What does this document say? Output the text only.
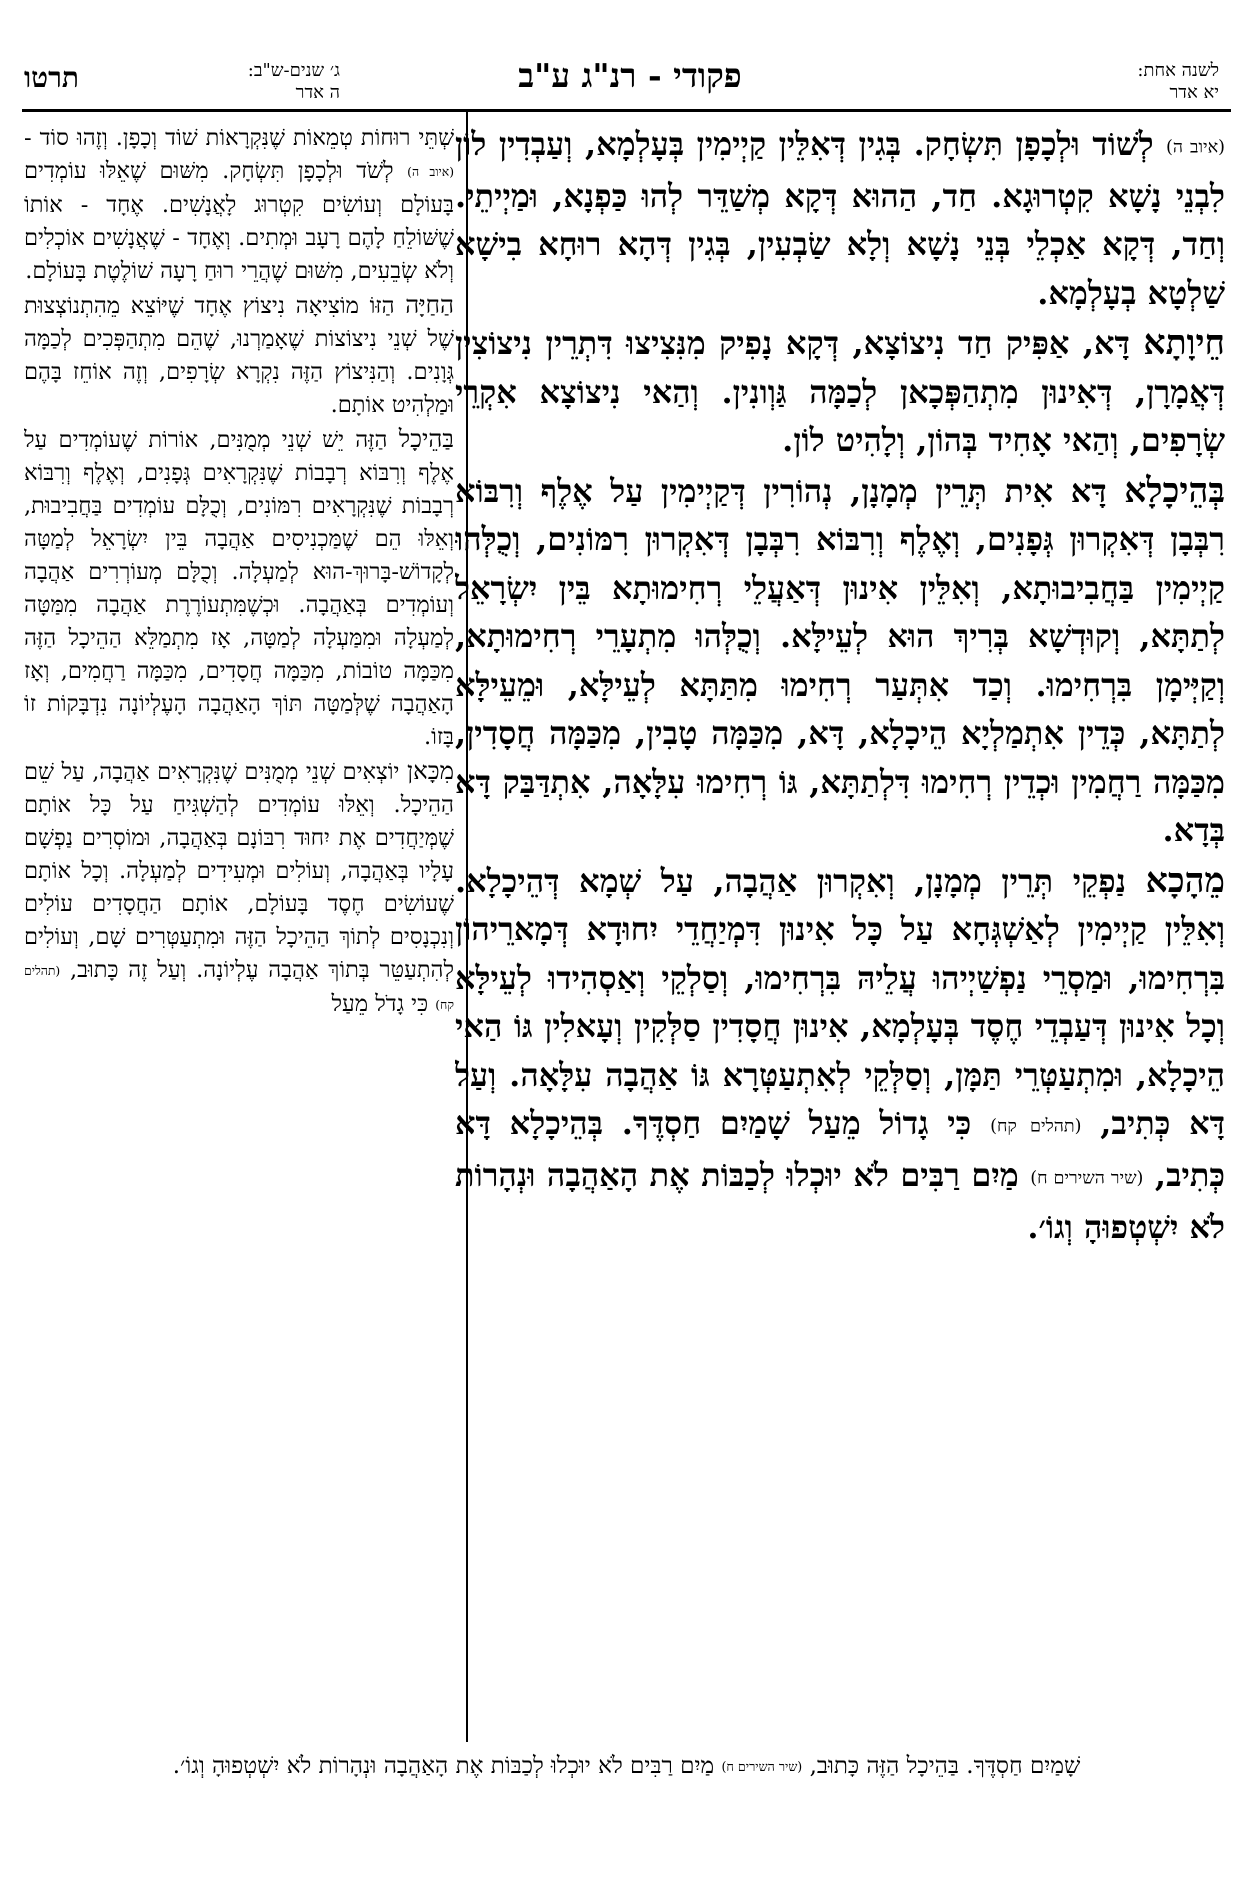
לשנה אחת:
יא אדר
פקודי - רנ"ג ע"ב
ג׳ שנים-ש"ב:
ה אדר
תרטו

(איוב ה) לְשׁוֹד וּלְכָפָן תִּשְׂחָק. בְּגִין דְּאִלֵּין קַיְימִין בְּעָלְמָא, וְעַבְדִין לוֹן לִבְנֵי נָשָׁא קִטְרוּגָא. חַד, הַהוּא דְּקָא מְשַׁדֵּר לְהוּ כַּפְנָא, וּמַיְיתֵי. וְחַד, דְּקָא אַכְלֵי בְּנֵי נָשָׁא וְלָא שַׂבְעִין, בְּגִין דְּהָא רוּחָא בִישָׁא שַׁלְטָא בְעָלְמָא.

חֵיוָתָא דָּא, אַפִּיק חַד נִיצוֹצָא, דְּקָא נָפִיק מִנִּצִיצוּ דִּתְרֵין נִיצוֹצִין דְּאֲמָרָן, דְּאִינוּן מִתְהַפְּכָאן לְכַמָּה גַּוְונִין. וְהַאי נִיצוֹצָא אִקְרֵי שְׂרָפִים, וְהַאי אָחִיד בְּהוֹן, וְלָהִיט לוֹן.

בְּהֵיכָלָא דָּא אִית תְּרֵין מְמָנָן, נְהוֹרִין דְּקַיְימִין עַל אֶלֶף וְרִבּוֹא רִבְּבָן דְּאִקְרוּן גְּפָנִים, וְאֶלֶף וְרִבּוֹא רִבְּבָן דְּאִקְרוּן רִמּוֹנִים, וְכֻלְּהוּ קַיְימִין בַּחֲבִיבוּתָא, וְאִלֵּין אִינוּן דְּאַעֲלֵי רְחִימוּתָא בֵּין יִשְׂרָאֵל לְתַתָּא, וְקוּדְשָׁא בְּרִיךְ הוּא לְעֵילָּא. וְכֻלְּהוּ מִתְעָרֵי רְחִימוּתָא, וְקַיְּימָן בִּרְחִימוּ. וְכַד אִתְּעַר רְחִימוּ מִתַּתָּא לְעֵילָּא, וּמֵעֵילָּא לְתַתָּא, כְּדֵין אִתְמַלְיָא הֵיכָלָא, דָּא, מִכַּמָּה טָבִין, מִכַּמָּה חֲסָדִין, מִכַּמָּה רַחֲמִין וּכְדֵין רְחִימוּ דִּלְתַתָּא, גּוֹ רְחִימוּ עִלָּאָה, אִתְדַּבַּק דָּא בְּדָא.

מֵהָכָא נַפְקֵי תְּרֵין מְמָנָן, וְאִקְרוּן אַהֲבָה, עַל שְׁמָא דְּהֵיכָלָא. וְאִלֵּין קַיְימִין לְאַשְׁגְּחָא עַל כָּל אִינוּן דִּמְיַחֲדֵי יִחוּדָא דְּמָארֵיהוֹן בִּרְחִימוּ, וּמַסְרֵי נַפְשַׁיְיהוּ עֲלֵיהּ בִּרְחִימוּ, וְסַלְקֵי וְאַסְהִידוּ לְעֵילָּא וְכָל אִינוּן דְּעַבְדֵי חֶסֶד בְּעָלְמָא, אִינוּן חֲסָדִין סַלְּקִין וְעָאלִין גּוֹ הַאי הֵיכָלָא, וּמִתְעַטְּרֵי תַּמָּן, וְסַלְּקֵי לְאִתְעַטְּרָא גּוֹ אַהֲבָה עִלָּאָה. וְעַל דָּא כְּתִיב, (תהלים קח) כִּי גָדוֹל מֵעַל שָׁמַיִם חַסְדֶּךָ. בְּהֵיכָלָא דָּא כְּתִיב, (שיר השירים ח) מַיִם רַבִּים לֹא יוּכְלוּ לְכַבּוֹת אֶת הָאַהֲבָה וּנְהָרוֹת לֹא יִשְׁטְפוּהָ וְגוֹ׳.

שְׁתֵּי רוּחוֹת טְמֵאוֹת שֶׁנִּקְרָאוֹת שׁוֹד וְכָפָן. וְזֶהוּ סוֹד - (איוב ה) לְשֹׁד וּלְכָפָן תִּשְׂחָק. מִשּׁוּם שֶׁאֵלּוּ עוֹמְדִים בָּעוֹלָם וְעוֹשִׂים קִטְרוּג לָאֲנָשִׁים. אֶחָד - אוֹתוֹ שֶׁשּׁוֹלֵחַ לָהֶם רָעָב וּמְתִים. וְאֶחָד - שֶׁאֲנָשִׁים אוֹכְלִים וְלֹא שְׂבֵעִים, מִשּׁוּם שֶׁהֲרֵי רוּחַ רָעָה שׁוֹלֶטֶת בָּעוֹלָם.

הַחַיָּה הַזּוֹ מוֹצִיאָה נִיצוֹץ אֶחָד שֶׁיּוֹצֵא מֵהִתְנוֹצְצוּת שֶׁל שְׁנֵי נִיצוֹצוֹת שֶׁאָמַרְנוּ, שֶׁהֵם מִתְהַפְּכִים לְכַמָּה גְּוָנִים. וְהַנִּיצוֹץ הַזֶּה נִקְרָא שְׂרָפִים, וְזֶה אוֹחֵז בָּהֶם וּמַלְהִיט אוֹתָם.

בַּהֵיכָל הַזֶּה יֵשׁ שְׁנֵי מְמֻנִּים, אוֹרוֹת שֶׁעוֹמְדִים עַל אֶלֶף וְרִבּוֹא רְבָבוֹת שֶׁנִּקְרָאִים גְּפָנִים, וְאֶלֶף וְרִבּוֹא רְבָבוֹת שֶׁנִּקְרָאִים רִמּוֹנִים, וְכֻלָּם עוֹמְדִים בַּחֲבִיבוּת, וְאֵלּוּ הֵם שֶׁמַּכְנִיסִים אַהֲבָה בֵּין יִשְׂרָאֵל לְמַטָּה לְקָדוֹשׁ-בָּרוּךְ-הוּא לְמַעְלָה. וְכֻלָּם מְעוֹרְרִים אַהֲבָה וְעוֹמְדִים בְּאַהֲבָה. וּכְשֶׁמִּתְעוֹרֶרֶת אַהֲבָה מִמַּטָּה לְמַעְלָה וּמִמַּעְלָה לְמַטָּה, אָז מִתְמַלֵּא הַהֵיכָל הַזֶּה מִכַּמָּה טוֹבוֹת, מִכַּמָּה חֲסָדִים, מִכַּמָּה רַחֲמִים, וְאָז הָאַהֲבָה שֶׁלְּמַטָּה תּוֹךְ הָאַהֲבָה הָעֶלְיוֹנָה נִדְבָּקוֹת זוֹ בָּזוֹ.

מִכָּאן יוֹצְאִים שְׁנֵי מְמֻנִּים שֶׁנִּקְרָאִים אַהֲבָה, עַל שֵׁם הַהֵיכָל. וְאֵלּוּ עוֹמְדִים לְהַשְׁגִּיחַ עַל כָּל אוֹתָם שֶׁמְּיַחֲדִים אֶת יִחוּד רִבּוֹנָם בְּאַהֲבָה, וּמוֹסְרִים נַפְשָׁם עָלָיו בְּאַהֲבָה, וְעוֹלִים וּמְעִידִים לְמַעְלָה. וְכָל אוֹתָם שֶׁעוֹשִׂים חֶסֶד בָּעוֹלָם, אוֹתָם הַחֲסָדִים עוֹלִים וְנִכְנָסִים לְתוֹךְ הַהֵיכָל הַזֶּה וּמִתְעַטְּרִים שָׁם, וְעוֹלִים לְהִתְעַטֵּר בְּתוֹךְ אַהֲבָה עֶלְיוֹנָה. וְעַל זֶה כָּתוּב, (תהלים קח) כִּי גָדֹל מֵעַל

שָׁמַיִם חַסְדֶּךָ. בַּהֵיכָל הַזֶּה כָּתוּב, (שיר השירים ח) מַיִם רַבִּים לֹא יוּכְלוּ לְכַבּוֹת אֶת הָאַהֲבָה וּנְהָרוֹת לֹא יִשְׁטְפוּהָ וְגוֹ׳.
